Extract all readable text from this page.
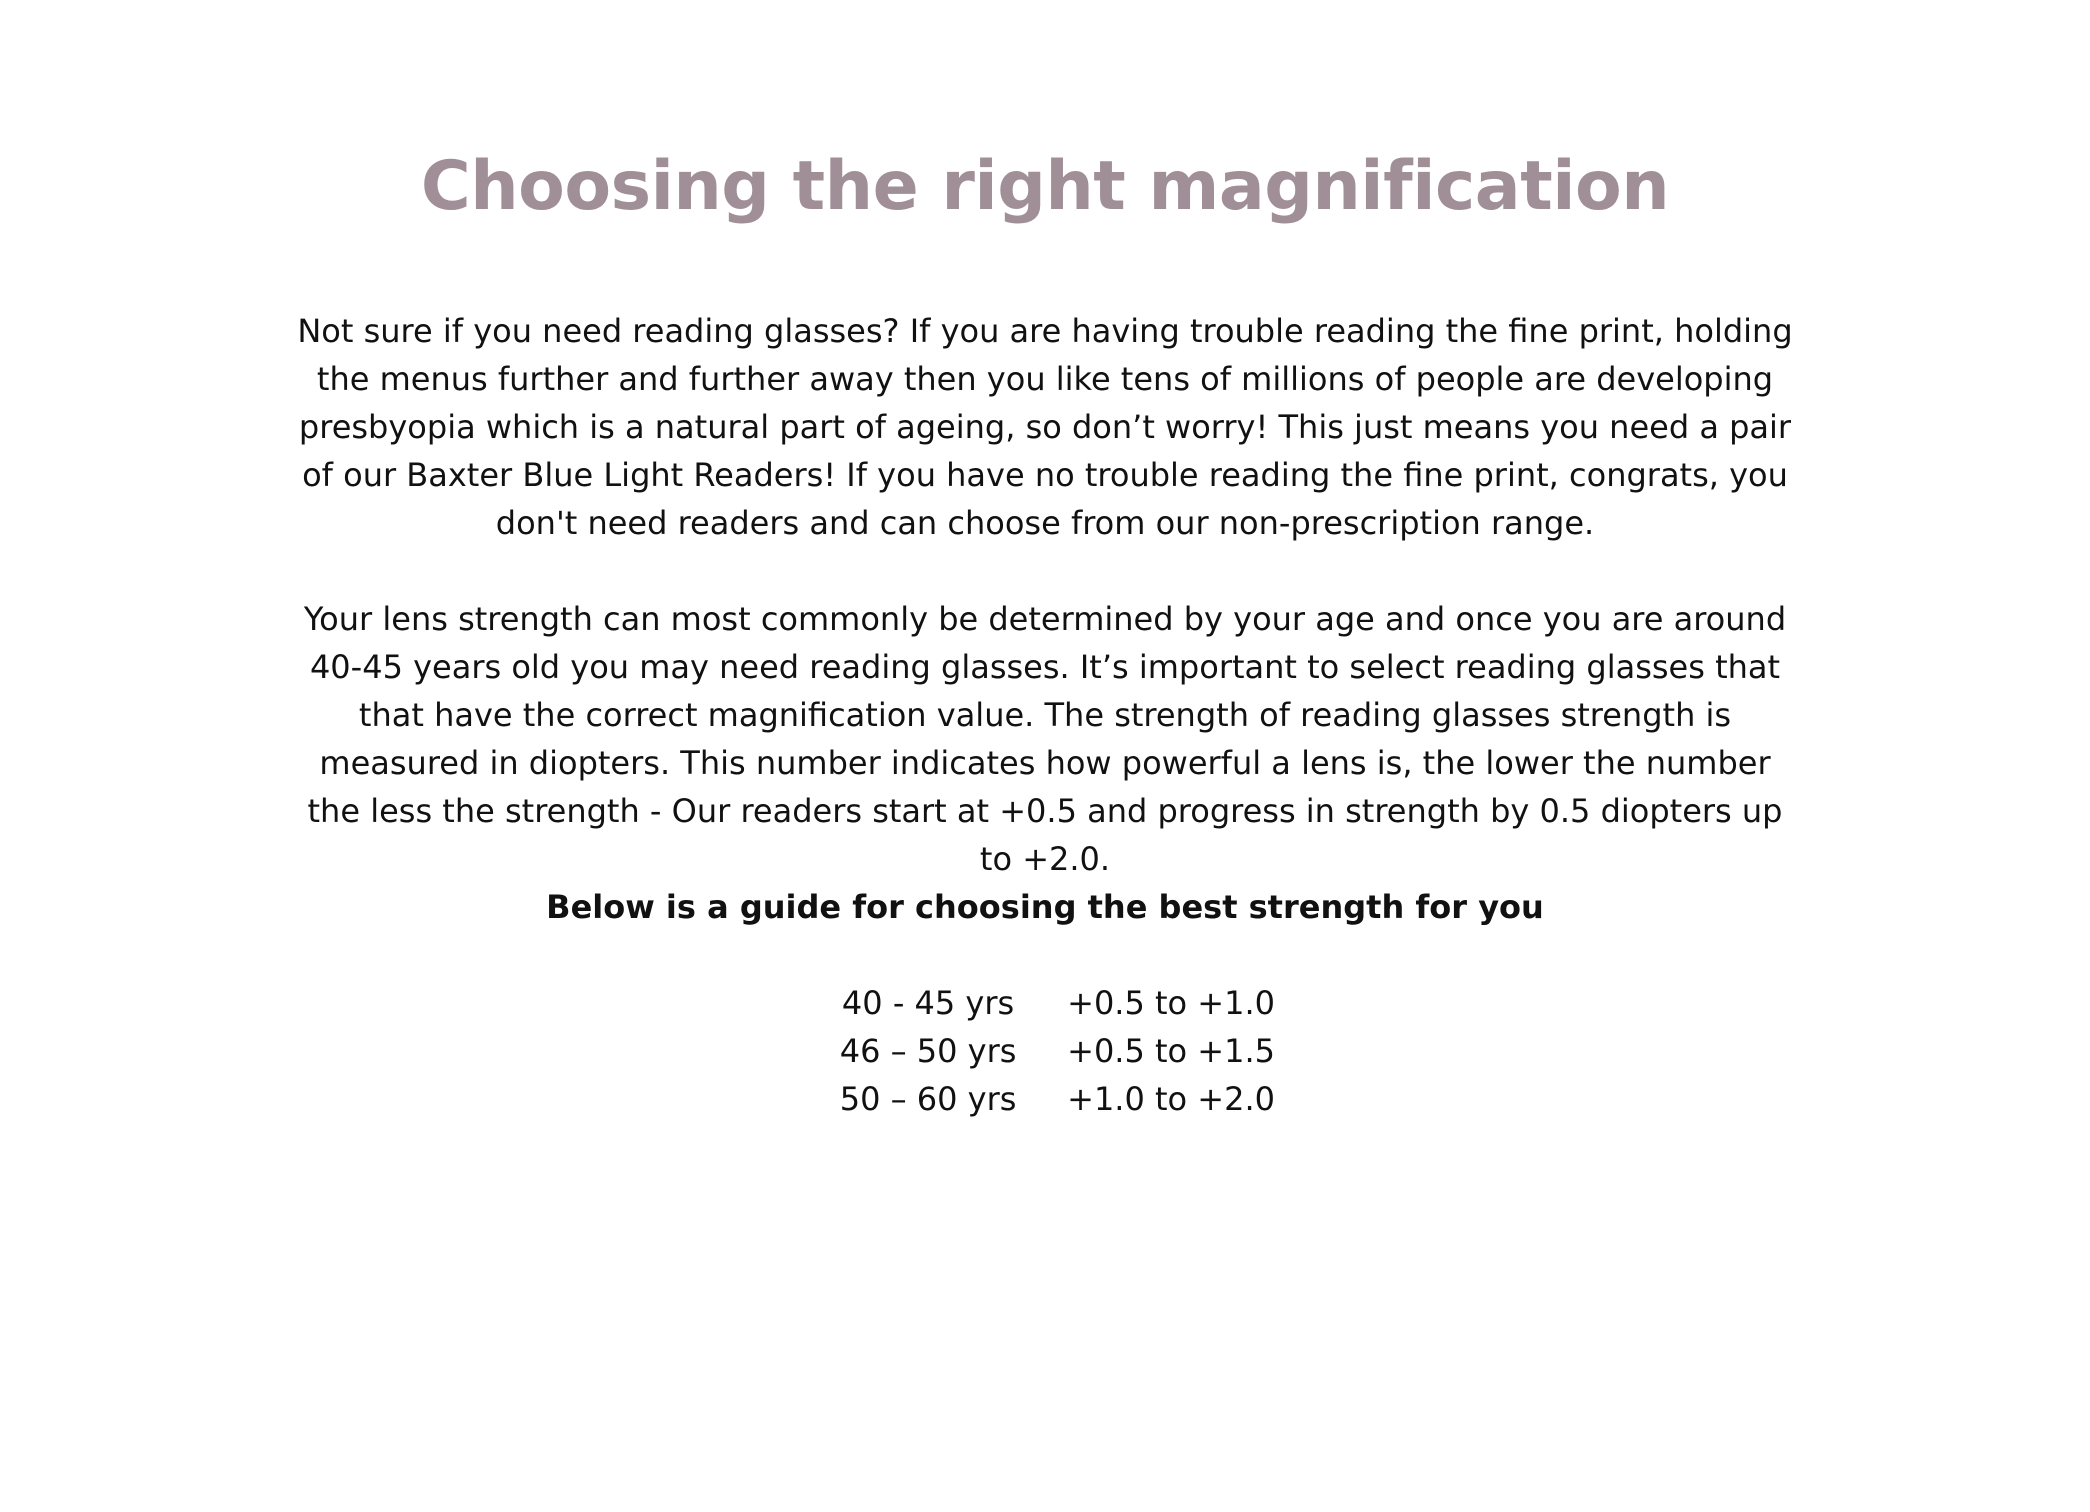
Choosing the right magnification

Not sure if you need reading glasses? If you are having trouble reading the fine print, holding the menus further and further away then you like tens of millions of people are developing presbyopia which is a natural part of ageing, so don’t worry! This just means you need a pair of our Baxter Blue Light Readers! If you have no trouble reading the fine print, congrats, you don't need readers and can choose from our non-prescription range.

Your lens strength can most commonly be determined by your age and once you are around 40-45 years old you may need reading glasses. It’s important to select reading glasses that that have the correct magnification value. The strength of reading glasses strength is measured in diopters. This number indicates how powerful a lens is, the lower the number the less the strength - Our readers start at +0.5 and progress in strength by 0.5 diopters up to +2.0.

Below is a guide for choosing the best strength for you

40 - 45 yrs	+0.5 to +1.0
46 – 50 yrs	+0.5 to +1.5
50 – 60 yrs	+1.0 to +2.0
